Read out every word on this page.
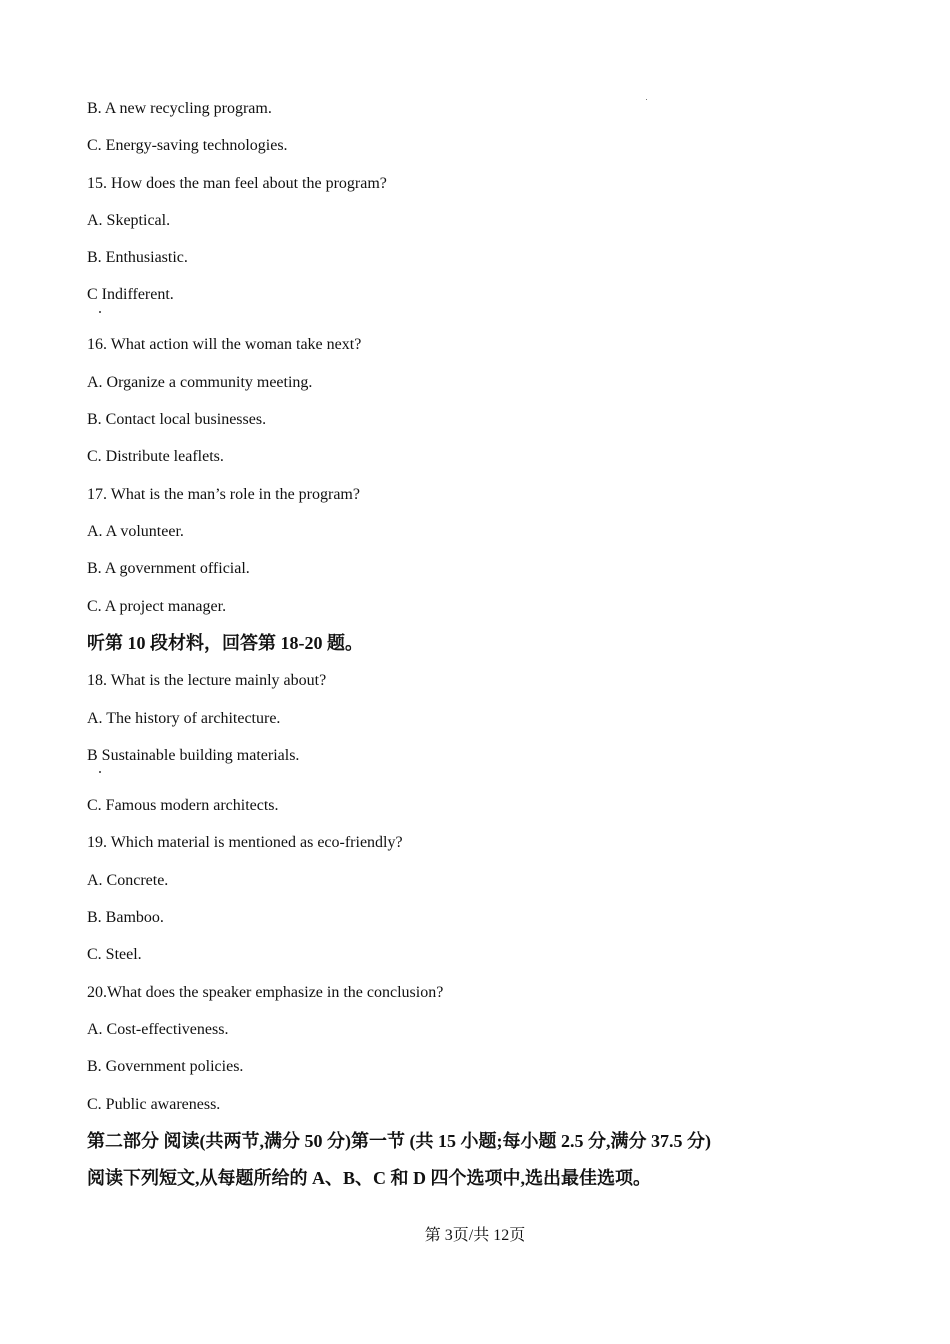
B. A new recycling program.
C. Energy-saving technologies.
15. How does the man feel about the program?
A. Skeptical.
B. Enthusiastic.
C Indifferent.
16. What action will the woman take next?
A. Organize a community meeting.
B. Contact local businesses.
C. Distribute leaflets.
17. What is the man’s role in the program?
A. A volunteer.
B. A government official.
C. A project manager.
听第 10 段材料，回答第 18-20 题。
18. What is the lecture mainly about?
A. The history of architecture.
B Sustainable building materials.
C. Famous modern architects.
19. Which material is mentioned as eco-friendly?
A. Concrete.
B. Bamboo.
C. Steel.
20.What does the speaker emphasize in the conclusion?
A. Cost-effectiveness.
B. Government policies.
C. Public awareness.
第二部分 阅读(共两节,满分 50 分)第一节 (共 15 小题;每小题 2.5 分,满分 37.5 分)
阅读下列短文,从每题所给的 A、B、C 和 D 四个选项中,选出最佳选项。
第 3页/共 12页
